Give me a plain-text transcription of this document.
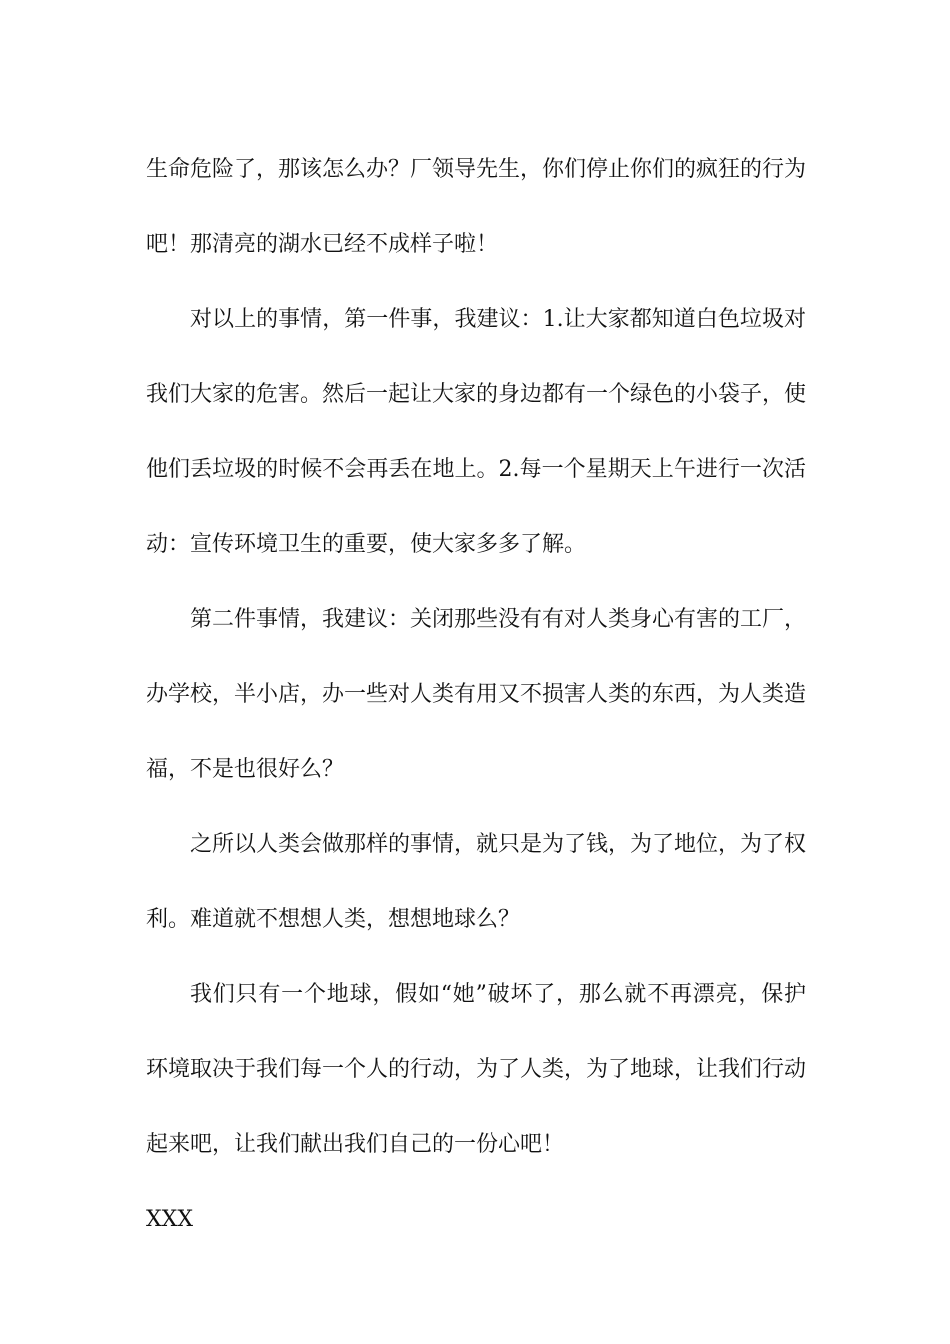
生命危险了，那该怎么办？厂领导先生，你们停止你们的疯狂的行为吧！那清亮的湖水已经不成样子啦！

对以上的事情，第一件事，我建议：1.让大家都知道白色垃圾对我们大家的危害。然后一起让大家的身边都有一个绿色的小袋子，使他们丢垃圾的时候不会再丢在地上。2.每一个星期天上午进行一次活动：宣传环境卫生的重要，使大家多多了解。

第二件事情，我建议：关闭那些没有有对人类身心有害的工厂，办学校，半小店，办一些对人类有用又不损害人类的东西，为人类造福，不是也很好么？

之所以人类会做那样的事情，就只是为了钱，为了地位，为了权利。难道就不想想人类，想想地球么？

我们只有一个地球，假如“她”破坏了，那么就不再漂亮，保护环境取决于我们每一个人的行动，为了人类，为了地球，让我们行动起来吧，让我们献出我们自己的一份心吧！

XXX
